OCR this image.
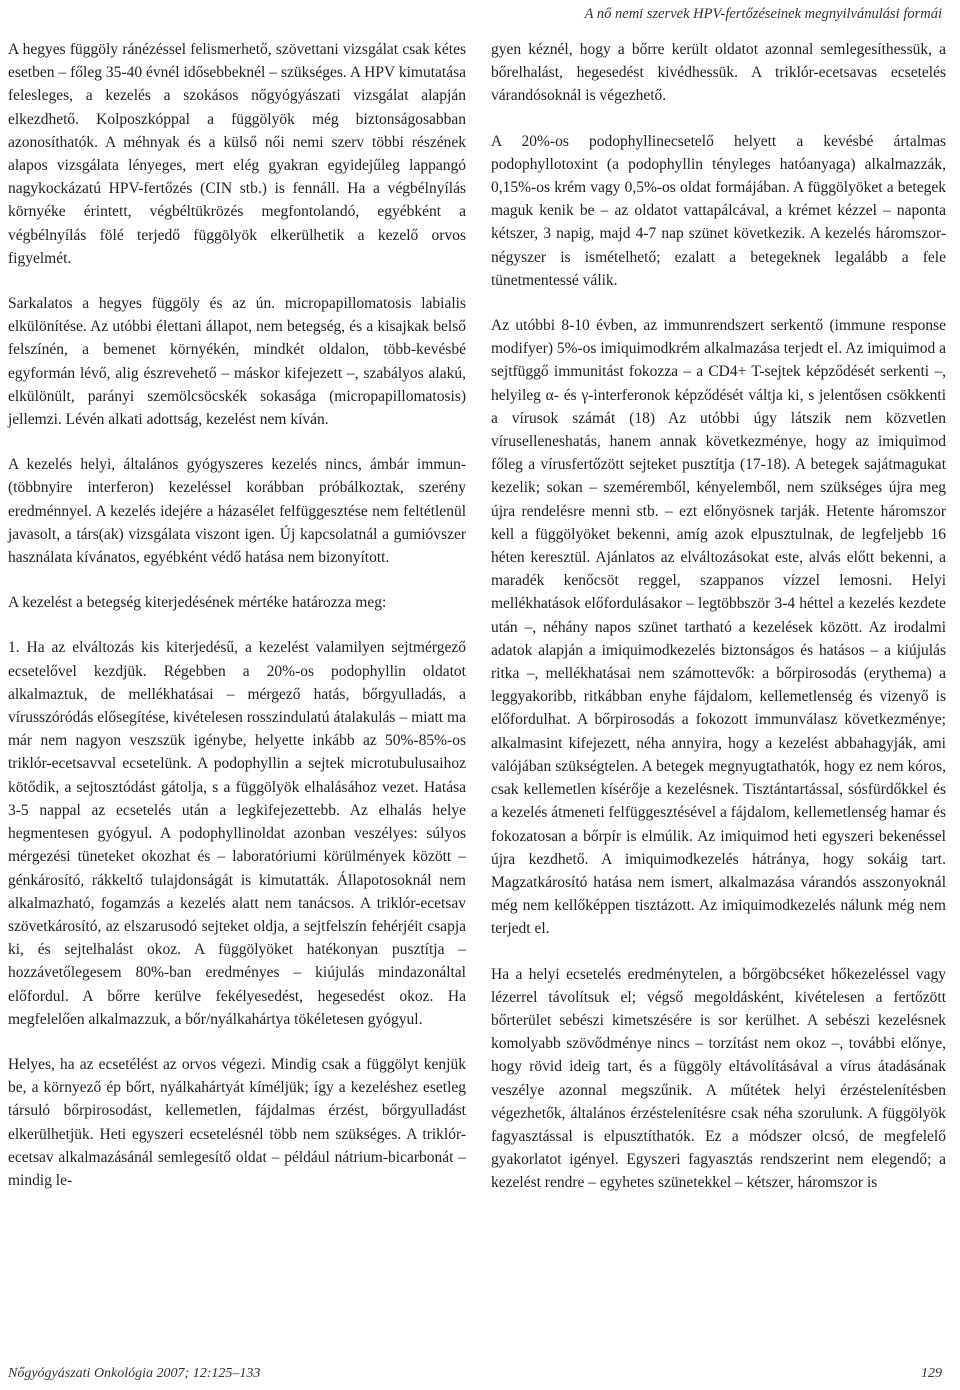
A nő nemi szervek HPV-fertőzéseinek megnyilvánulási formái

A hegyes függöly ránézéssel felismerhető, szövettani vizsgálat csak kétes esetben – főleg 35-40 évnél idősebbeknél – szükséges. A HPV kimutatása felesleges, a kezelés a szokásos nőgyógyászati vizsgálat alapján elkezdhető. Kolposzkóppal a függölyök még biztonságosabban azonosíthatók. A méhnyak és a külső női nemi szerv többi részének alapos vizsgálata lényeges, mert elég gyakran egyidejűleg lappangó nagykockázatú HPV-fertőzés (CIN stb.) is fennáll. Ha a végbélnyílás környéke érintett, végbéltükrözés megfontolandó, egyébként a végbélnyílás fölé terjedő függölyök elkerülhetik a kezelő orvos figyelmét.

Sarkalatos a hegyes függöly és az ún. micropapillomatosis labialis elkülönítése. Az utóbbi élettani állapot, nem betegség, és a kisajkak belső felszínén, a bemenet környékén, mindkét oldalon, több-kevésbé egyformán lévő, alig észrevehető – máskor kifejezett –, szabályos alakú, elkülönült, parányi szemölcsöcskék sokasága (micropapillomatosis) jellemzi. Lévén alkati adottság, kezelést nem kíván.

A kezelés helyi, általános gyógyszeres kezelés nincs, ámbár immun- (többnyire interferon) kezeléssel korábban próbálkoztak, szerény eredménnyel. A kezelés idejére a házasélet felfüggesztése nem feltétlenül javasolt, a társ(ak) vizsgálata viszont igen. Új kapcsolatnál a gumióvszer használata kívánatos, egyébként védő hatása nem bizonyított.

A kezelést a betegség kiterjedésének mértéke határozza meg:

1. Ha az elváltozás kis kiterjedésű, a kezelést valamilyen sejtmérgező ecsetelővel kezdjük. Régebben a 20%-os podophyllin oldatot alkalmaztuk, de mellékhatásai – mérgező hatás, bőrgyulladás, a vírusszóródás elősegítése, kivételesen rosszindulatú átalakulás – miatt ma már nem nagyon veszszük igénybe, helyette inkább az 50%-85%-os triklór-ecetsavval ecsetelünk. A podophyllin a sejtek microtubulusaihoz kötődik, a sejtosztódást gátolja, s a függölyök elhalásához vezet. Hatása 3-5 nappal az ecsetelés után a legkifejezettebb. Az elhalás helye hegmentesen gyógyul. A podophyllinoldat azonban veszélyes: súlyos mérgezési tüneteket okozhat és – laboratóriumi körülmények között – génkárosító, rákkeltő tulajdonságát is kimutatták. Állapotosoknál nem alkalmazható, fogamzás a kezelés alatt nem tanácsos. A triklór-ecetsav szövetkárosító, az elszarusodó sejteket oldja, a sejtfelszín fehérjéit csapja ki, és sejtelhalást okoz. A függölyöket hatékonyan pusztítja – hozzávetőlegesem 80%-ban eredményes – kiújulás mindazonáltal előfordul. A bőrre kerülve fekélyesedést, hegesedést okoz. Ha megfelelően alkalmazzuk, a bőr/nyálkahártya tökéletesen gyógyul.

Helyes, ha az ecsetélést az orvos végezi. Mindig csak a függölyt kenjük be, a környező ép bőrt, nyálkahártyát kíméljük; így a kezeléshez esetleg társuló bőrpirosodást, kellemetlen, fájdalmas érzést, bőrgyulladást elkerülhetjük. Heti egyszeri ecsetelésnél több nem szükséges. A triklór-ecetsav alkalmazásánál semlegesítő oldat – például nátrium-bicarbonát – mindig le-

gyen kéznél, hogy a bőrre került oldatot azonnal semlegesíthessük, a bőrelhalást, hegesedést kivédhessük. A triklór-ecetsavas ecsetelés várandósoknál is végezhető.

A 20%-os podophyllinecsetelő helyett a kevésbé ártalmas podophyllotoxint (a podophyllin tényleges hatóanyaga) alkalmazzák, 0,15%-os krém vagy 0,5%-os oldat formájában. A függölyöket a betegek maguk kenik be – az oldatot vattapálcával, a krémet kézzel – naponta kétszer, 3 napig, majd 4-7 nap szünet következik. A kezelés háromszor-négyszer is ismételhető; ezalatt a betegeknek legalább a fele tünetmentessé válik.

Az utóbbi 8-10 évben, az immunrendszert serkentő (immune response modifyer) 5%-os imiquimodkrém alkalmazása terjedt el. Az imiquimod a sejtfüggő immunitást fokozza – a CD4+ T-sejtek képződését serkenti –, helyileg α- és γ-interferonok képződését váltja ki, s jelentősen csökkenti a vírusok számát (18) Az utóbbi úgy látszik nem közvetlen víruselleneshatás, hanem annak következménye, hogy az imiquimod főleg a vírusfertőzött sejteket pusztítja (17-18). A betegek sajátmagukat kezelik; sokan – szeméremből, kényelemből, nem szükséges újra meg újra rendelésre menni stb. – ezt előnyösnek tarják. Hetente háromszor kell a függölyöket bekenni, amíg azok elpusztulnak, de legfeljebb 16 héten keresztül. Ajánlatos az elváltozásokat este, alvás előtt bekenni, a maradék kenőcsöt reggel, szappanos vízzel lemosni. Helyi mellékhatások előfordulásakor – legtöbbször 3-4 héttel a kezelés kezdete után –, néhány napos szünet tartható a kezelések között. Az irodalmi adatok alapján a imiquimodkezelés biztonságos és hatásos – a kiújulás ritka –, mellékhatásai nem számottevők: a bőrpirosodás (erythema) a leggyakoribb, ritkábban enyhe fájdalom, kellemetlenség és vizenyő is előfordulhat. A bőrpirosodás a fokozott immunválasz következménye; alkalmasint kifejezett, néha annyira, hogy a kezelést abbahagyják, ami valójában szükségtelen. A betegek megnyugtathatók, hogy ez nem kóros, csak kellemetlen kísérője a kezelésnek. Tisztántartással, sósfürdőkkel és a kezelés átmeneti felfüggesztésével a fájdalom, kellemetlenség hamar és fokozatosan a bőrpír is elmúlik. Az imiquimod heti egyszeri bekenéssel újra kezdhető. A imiquimodkezelés hátránya, hogy sokáig tart. Magzatkárosító hatása nem ismert, alkalmazása várandós asszonyoknál még nem kellőképpen tisztázott. Az imiquimodkezelés nálunk még nem terjedt el.

Ha a helyi ecsetelés eredménytelen, a bőrgöbcséket hőkezeléssel vagy lézerrel távolítsuk el; végső megoldásként, kivételesen a fertőzött bőrterület sebészi kimetszésére is sor kerülhet. A sebészi kezelésnek komolyabb szövődménye nincs – torzítást nem okoz –, további előnye, hogy rövid ideig tart, és a függöly eltávolításával a vírus átadásának veszélye azonnal megszűnik. A műtétek helyi érzéstelenítésben végezhetők, általános érzéstelenítésre csak néha szorulunk. A függölyök fagyasztással is elpusztíthatók. Ez a módszer olcsó, de megfelelő gyakorlatot igényel. Egyszeri fagyasztás rendszerint nem elegendő; a kezelést rendre – egyhetes szünetekkel – kétszer, háromszor is

Nőgyógyászati Onkológia 2007; 12:125–133	129
